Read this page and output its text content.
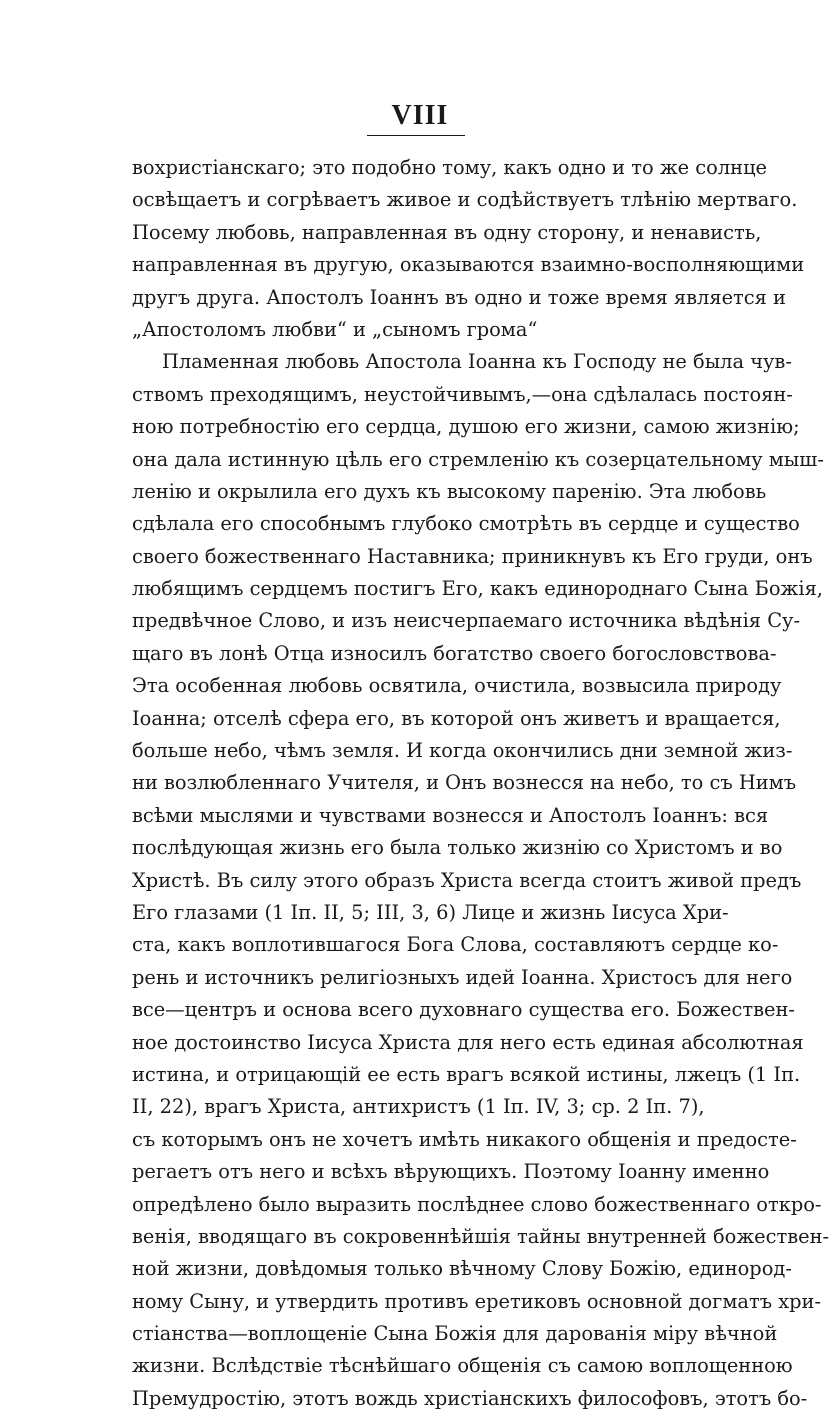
VIII
вохристіанскаго; это подобно тому, какъ одно и то же солнце
освѣщаетъ и согрѣваетъ живое и содѣйствуетъ тлѣнію мертваго.
Посему любовь, направленная въ одну сторону, и ненависть,
направленная въ другую, оказываются взаимно-восполняющими
другъ друга. Апостолъ Іоаннъ въ одно и тоже время является и
„Апостоломъ любви“ и „сыномъ грома“
Пламенная любовь Апостола Іоанна къ Господу не была чув-
ствомъ преходящимъ, неустойчивымъ,—она сдѣлалась постоян-
ною потребностію его сердца, душою его жизни, самою жизнію;
она дала истинную цѣль его стремленію къ созерцательному мыш-
ленію и окрылила его духъ къ высокому паренію. Эта любовь
сдѣлала его способнымъ глубоко смотрѣть въ сердце и существо
своего божественнаго Наставника; приникнувъ къ Его груди, онъ
любящимъ сердцемъ постигъ Его, какъ единороднаго Сына Божія,
предвѣчное Слово, и изъ неисчерпаемаго источника вѣдѣнія Су-
щаго въ лонѣ Отца износилъ богатство своего богословствова-
Эта особенная любовь освятила, очистила, возвысила природу
Іоанна; отселѣ сфера его, въ которой онъ живетъ и вращается,
больше небо, чѣмъ земля. И когда окончились дни земной жиз-
ни возлюбленнаго Учителя, и Онъ вознесся на небо, то съ Нимъ
всѣми мыслями и чувствами вознесся и Апостолъ Іоаннъ: вся
послѣдующая жизнь его была только жизнію со Христомъ и во
Христѣ. Въ силу этого образъ Христа всегда стоитъ живой предъ
Его глазами (1 Іп. II, 5; III, 3, 6) Лице и жизнь Іисуса Хри-
ста, какъ воплотившагося Бога Слова, составляютъ сердце ко-
рень и источникъ религіозныхъ идей Іоанна. Христосъ для него
все—центръ и основа всего духовнаго существа его. Божествен-
ное достоинство Іисуса Христа для него есть единая абсолютная
истина, и отрицающій ее есть врагъ всякой истины, лжецъ (1 Іп.
II, 22), врагъ Христа, антихристъ (1 Іп. IV, 3; ср. 2 Іп. 7),
съ которымъ онъ не хочетъ имѣть никакого общенія и предосте-
регаетъ отъ него и всѣхъ вѣрующихъ. Поэтому Іоанну именно
опредѣлено было выразить послѣднее слово божественнаго откро-
венія, вводящаго въ сокровеннѣйшія тайны внутренней божествен-
ной жизни, довѣдомыя только вѣчному Слову Божію, единород-
ному Сыну, и утвердить противъ еретиковъ основной догматъ хри-
стіанства—воплощеніе Сына Божія для дарованія міру вѣчной
жизни. Вслѣдствіе тѣснѣйшаго общенія съ самою воплощенною
Премудростію, этотъ вождь христіанскихъ философовъ, этотъ бо-
